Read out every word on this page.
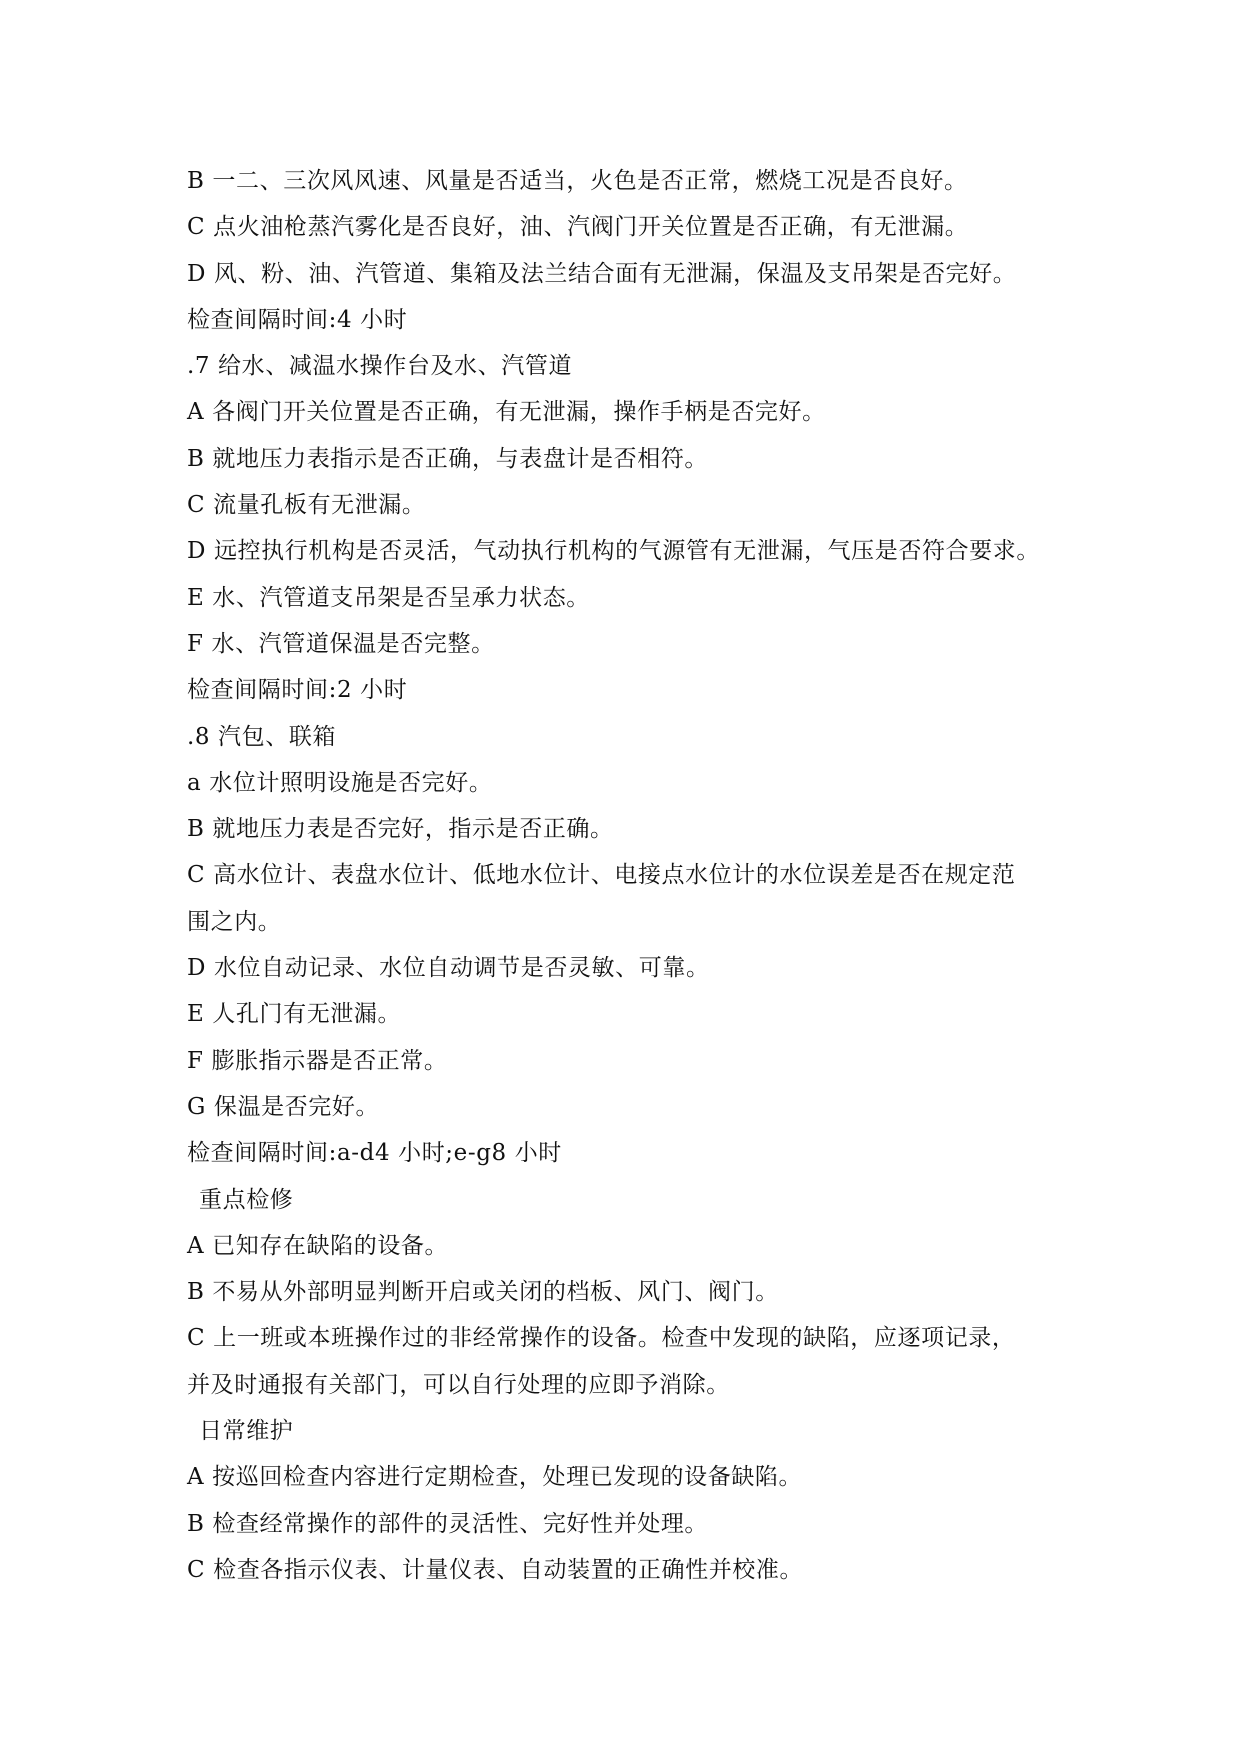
B 一二、三次风风速、风量是否适当，火色是否正常，燃烧工况是否良好。
C 点火油枪蒸汽雾化是否良好，油、汽阀门开关位置是否正确，有无泄漏。
D 风、粉、油、汽管道、集箱及法兰结合面有无泄漏，保温及支吊架是否完好。
检查间隔时间:4 小时
.7 给水、减温水操作台及水、汽管道
A 各阀门开关位置是否正确，有无泄漏，操作手柄是否完好。
B 就地压力表指示是否正确，与表盘计是否相符。
C 流量孔板有无泄漏。
D 远控执行机构是否灵活，气动执行机构的气源管有无泄漏，气压是否符合要求。
E 水、汽管道支吊架是否呈承力状态。
F 水、汽管道保温是否完整。
检查间隔时间:2 小时
.8 汽包、联箱
a 水位计照明设施是否完好。
B 就地压力表是否完好，指示是否正确。
C 高水位计、表盘水位计、低地水位计、电接点水位计的水位误差是否在规定范
围之内。
D 水位自动记录、水位自动调节是否灵敏、可靠。
E 人孔门有无泄漏。
F 膨胀指示器是否正常。
G 保温是否完好。
检查间隔时间:a-d4 小时;e-g8 小时
重点检修
A 已知存在缺陷的设备。
B 不易从外部明显判断开启或关闭的档板、风门、阀门。
C 上一班或本班操作过的非经常操作的设备。检查中发现的缺陷，应逐项记录，
并及时通报有关部门，可以自行处理的应即予消除。
日常维护
A 按巡回检查内容进行定期检查，处理已发现的设备缺陷。
B 检查经常操作的部件的灵活性、完好性并处理。
C 检查各指示仪表、计量仪表、自动装置的正确性并校准。
